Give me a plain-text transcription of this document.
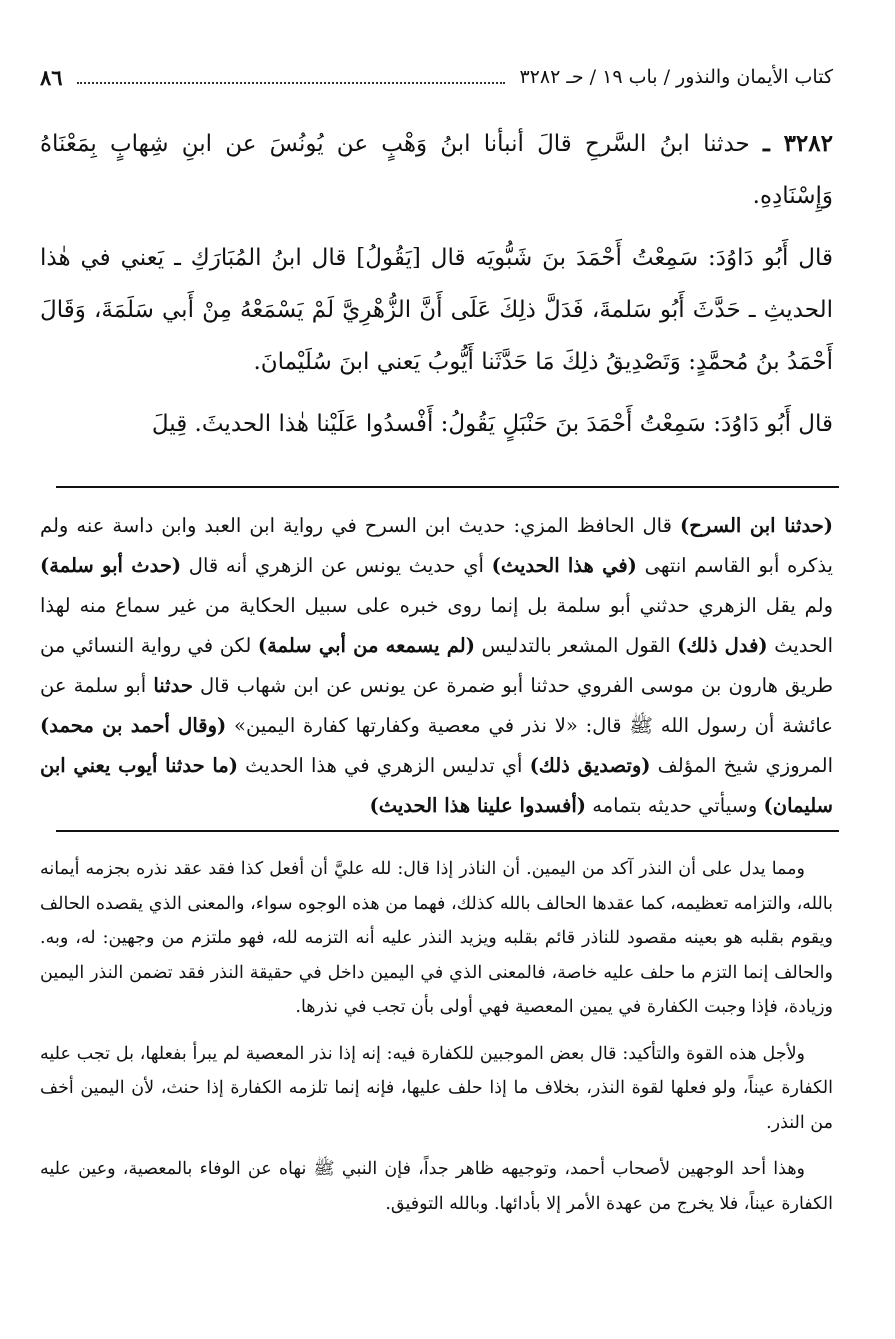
كتاب الأيمان والنذور / باب ١٩ / حـ ٣٢٨٢
٨٦

٣٢٨٢ ـ حدثنا ابنُ السَّرحِ قالَ أنبأنا ابنُ وَهْبٍ عن يُونُسَ عن ابنِ شِهابٍ بِمَعْنَاهُ وَإِسْنَادِهِ.

قال أَبُو دَاوُدَ: سَمِعْتُ أَحْمَدَ بنَ شَبُّويَه قال [يَقُولُ] قال ابنُ المُبَارَكِ ـ يَعني في هٰذا الحديثِ ـ حَدَّثَ أَبُو سَلمةَ، فَدَلَّ ذلِكَ عَلَى أَنَّ الزُّهْرِيَّ لَمْ يَسْمَعْهُ مِنْ أَبي سَلَمَةَ، وَقَالَ أَحْمَدُ بنُ مُحمَّدٍ: وَتَصْدِيقُ ذلِكَ مَا حَدَّثَنا أَيُّوبُ يَعني ابنَ سُلَيْمانَ.

قال أَبُو دَاوُدَ: سَمِعْتُ أَحْمَدَ بنَ حَنْبَلٍ يَقُولُ: أَفْسدُوا عَلَيْنا هٰذا الحديثَ. قِيلَ

(حدثنا ابن السرح) قال الحافظ المزي: حديث ابن السرح في رواية ابن العبد وابن داسة عنه ولم يذكره أبو القاسم انتهى (في هذا الحديث) أي حديث يونس عن الزهري أنه قال (حدث أبو سلمة) ولم يقل الزهري حدثني أبو سلمة بل إنما روى خبره على سبيل الحكاية من غير سماع منه لهذا الحديث (فدل ذلك) القول المشعر بالتدليس (لم يسمعه من أبي سلمة) لكن في رواية النسائي من طريق هارون بن موسى الفروي حدثنا أبو ضمرة عن يونس عن ابن شهاب قال حدثنا أبو سلمة عن عائشة أن رسول الله ﷺ قال: «لا نذر في معصية وكفارتها كفارة اليمين» (وقال أحمد بن محمد) المروزي شيخ المؤلف (وتصديق ذلك) أي تدليس الزهري في هذا الحديث (ما حدثنا أيوب يعني ابن سليمان) وسيأتي حديثه بتمامه (أفسدوا علينا هذا الحديث)

ومما يدل على أن النذر آكد من اليمين. أن الناذر إذا قال: لله عليَّ أن أفعل كذا فقد عقد نذره بجزمه أيمانه بالله، والتزامه تعظيمه، كما عقدها الحالف بالله كذلك، فهما من هذه الوجوه سواء، والمعنى الذي يقصده الحالف ويقوم بقلبه هو بعينه مقصود للناذر قائم بقلبه ويزيد النذر عليه أنه التزمه لله، فهو ملتزم من وجهين: له، وبه. والحالف إنما التزم ما حلف عليه خاصة، فالمعنى الذي في اليمين داخل في حقيقة النذر فقد تضمن النذر اليمين وزيادة، فإذا وجبت الكفارة في يمين المعصية فهي أولى بأن تجب في نذرها.

ولأجل هذه القوة والتأكيد: قال بعض الموجبين للكفارة فيه: إنه إذا نذر المعصية لم يبرأ بفعلها، بل تجب عليه الكفارة عيناً، ولو فعلها لقوة النذر، بخلاف ما إذا حلف عليها، فإنه إنما تلزمه الكفارة إذا حنث، لأن اليمين أخف من النذر.

وهذا أحد الوجهين لأصحاب أحمد، وتوجيهه ظاهر جداً، فإن النبي ﷺ نهاه عن الوفاء بالمعصية، وعين عليه الكفارة عيناً، فلا يخرج من عهدة الأمر إلا بأدائها. وبالله التوفيق.
